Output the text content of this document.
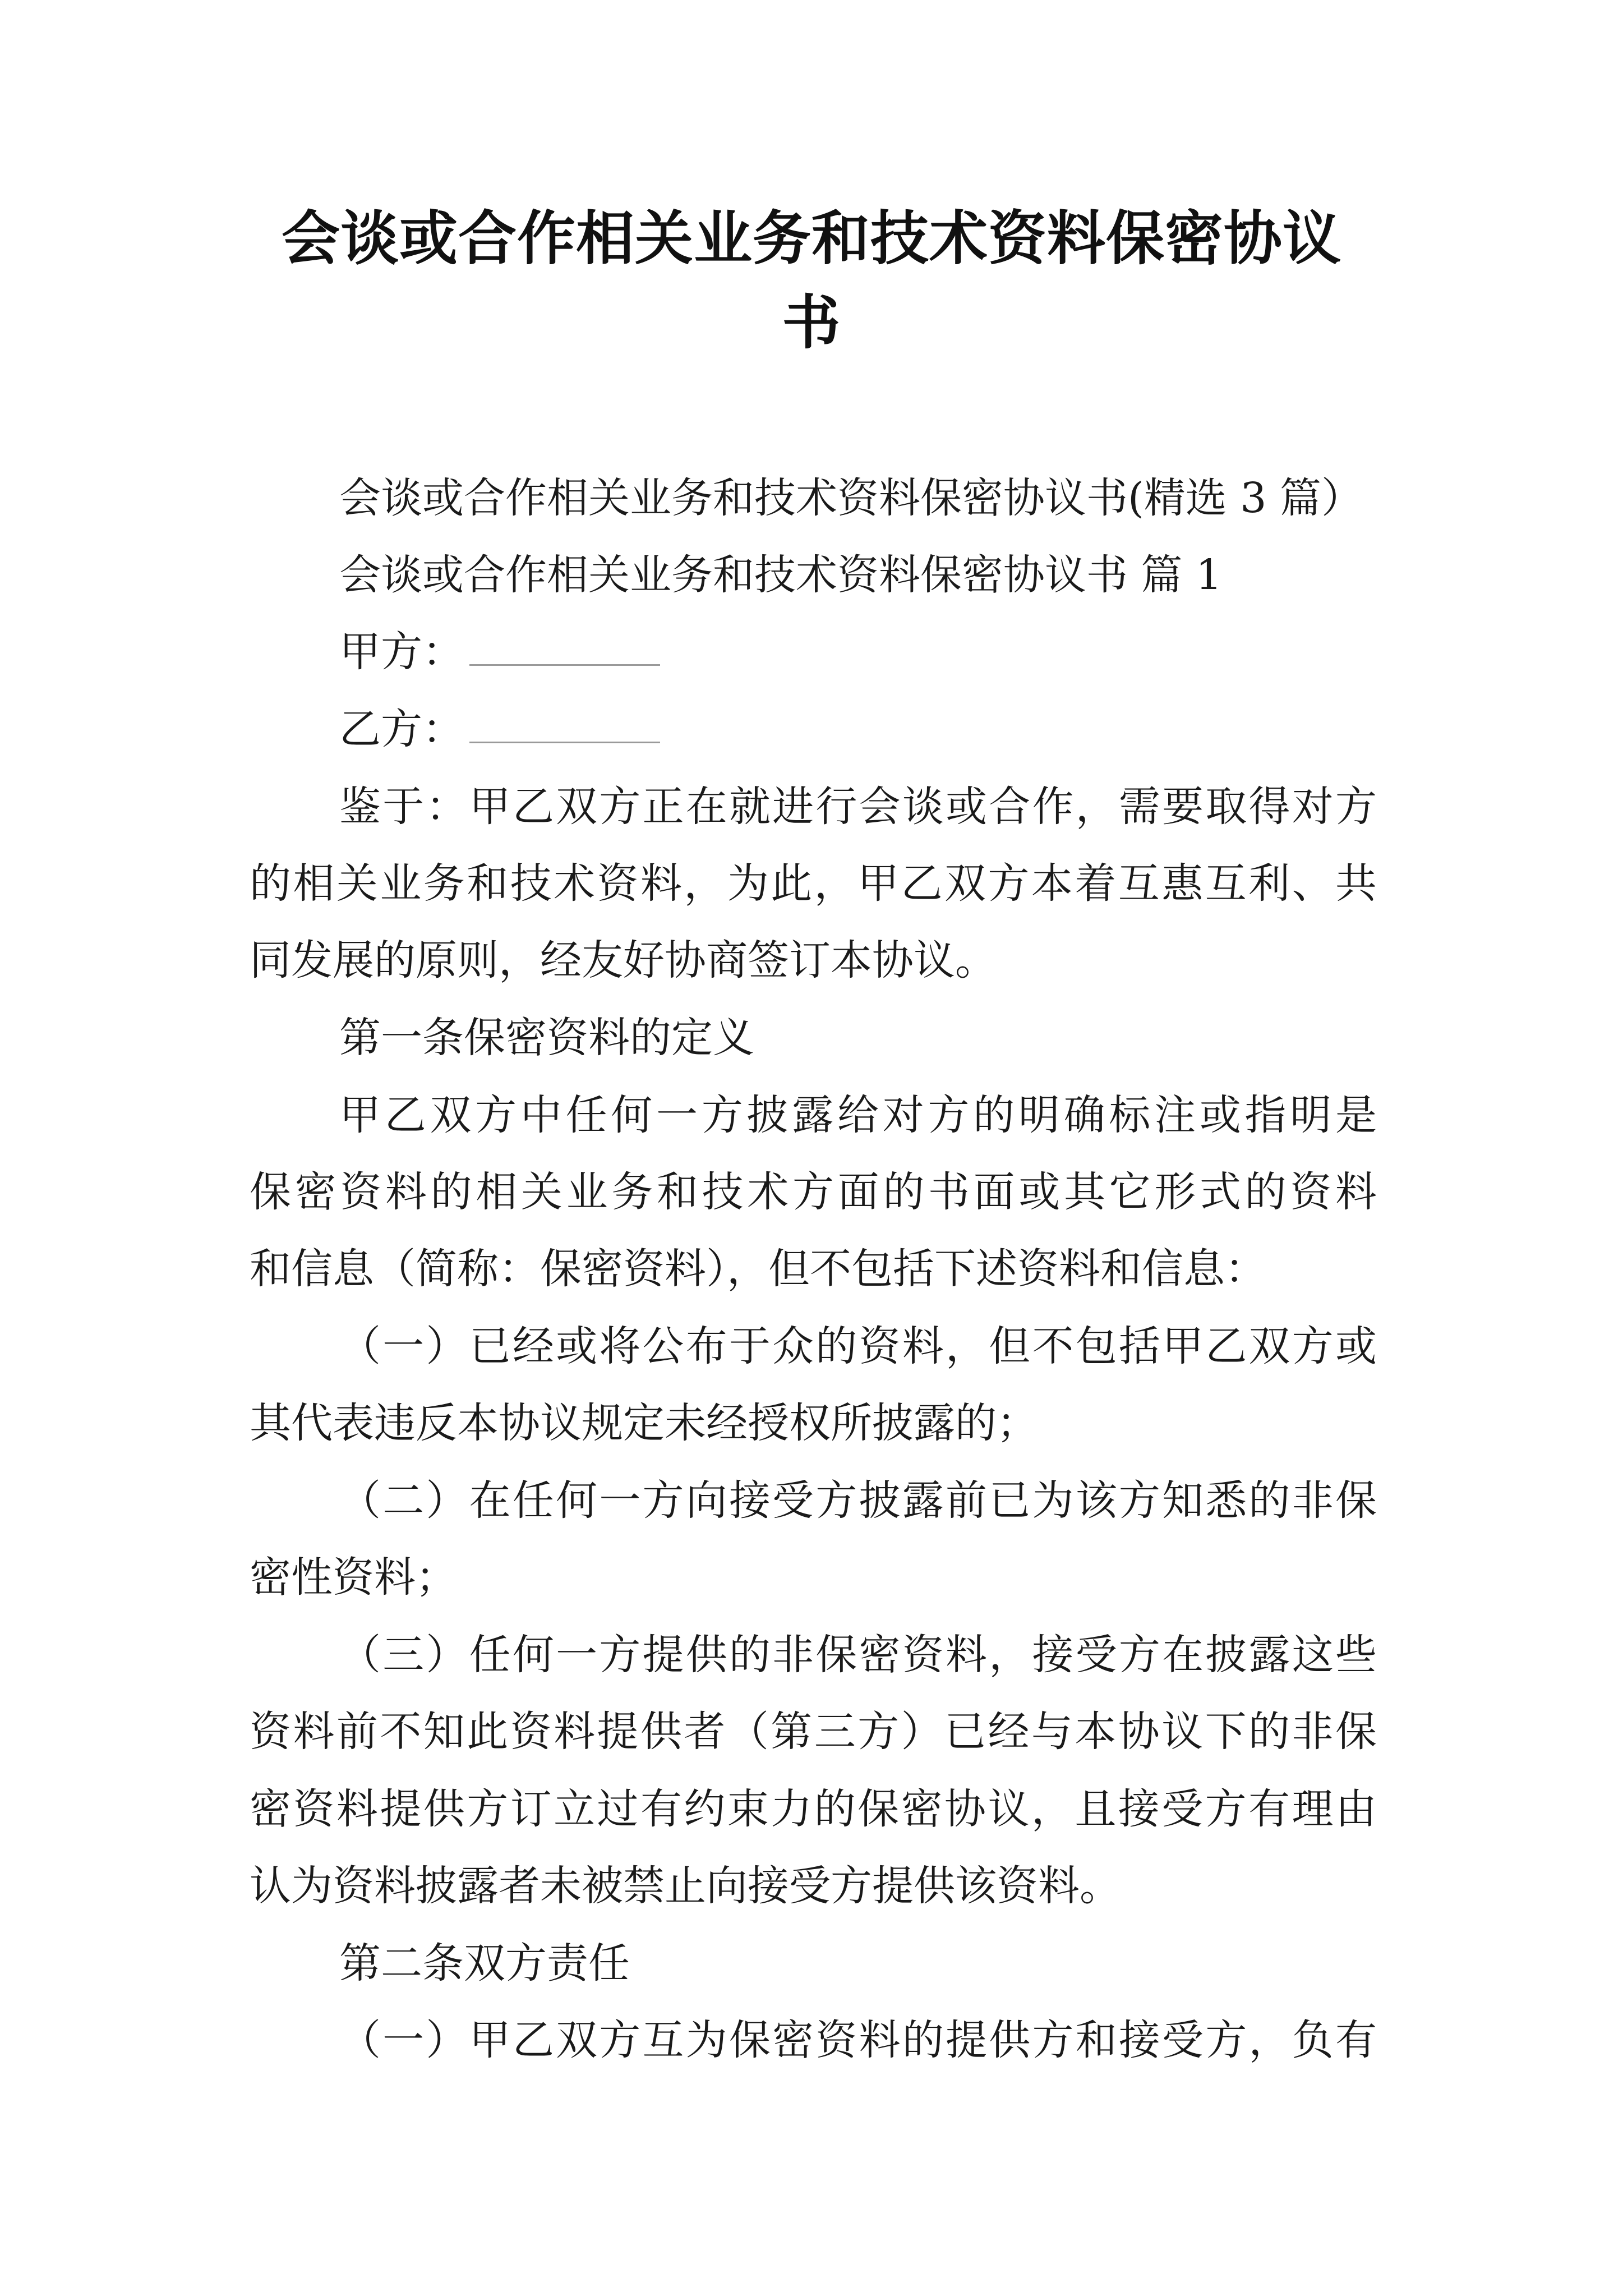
会谈或合作相关业务和技术资料保密协议
书
会谈或合作相关业务和技术资料保密协议书(精选 3 篇）
会谈或合作相关业务和技术资料保密协议书 篇 1
甲方：
乙方：
鉴于：甲乙双方正在就进行会谈或合作，需要取得对方
的相关业务和技术资料，为此，甲乙双方本着互惠互利、共
同发展的原则，经友好协商签订本协议。
第一条保密资料的定义
甲乙双方中任何一方披露给对方的明确标注或指明是
保密资料的相关业务和技术方面的书面或其它形式的资料
和信息（简称：保密资料），但不包括下述资料和信息：
（一）已经或将公布于众的资料，但不包括甲乙双方或
其代表违反本协议规定未经授权所披露的；
（二）在任何一方向接受方披露前已为该方知悉的非保
密性资料；
（三）任何一方提供的非保密资料，接受方在披露这些
资料前不知此资料提供者（第三方）已经与本协议下的非保
密资料提供方订立过有约束力的保密协议，且接受方有理由
认为资料披露者未被禁止向接受方提供该资料。
第二条双方责任
（一）甲乙双方互为保密资料的提供方和接受方，负有
